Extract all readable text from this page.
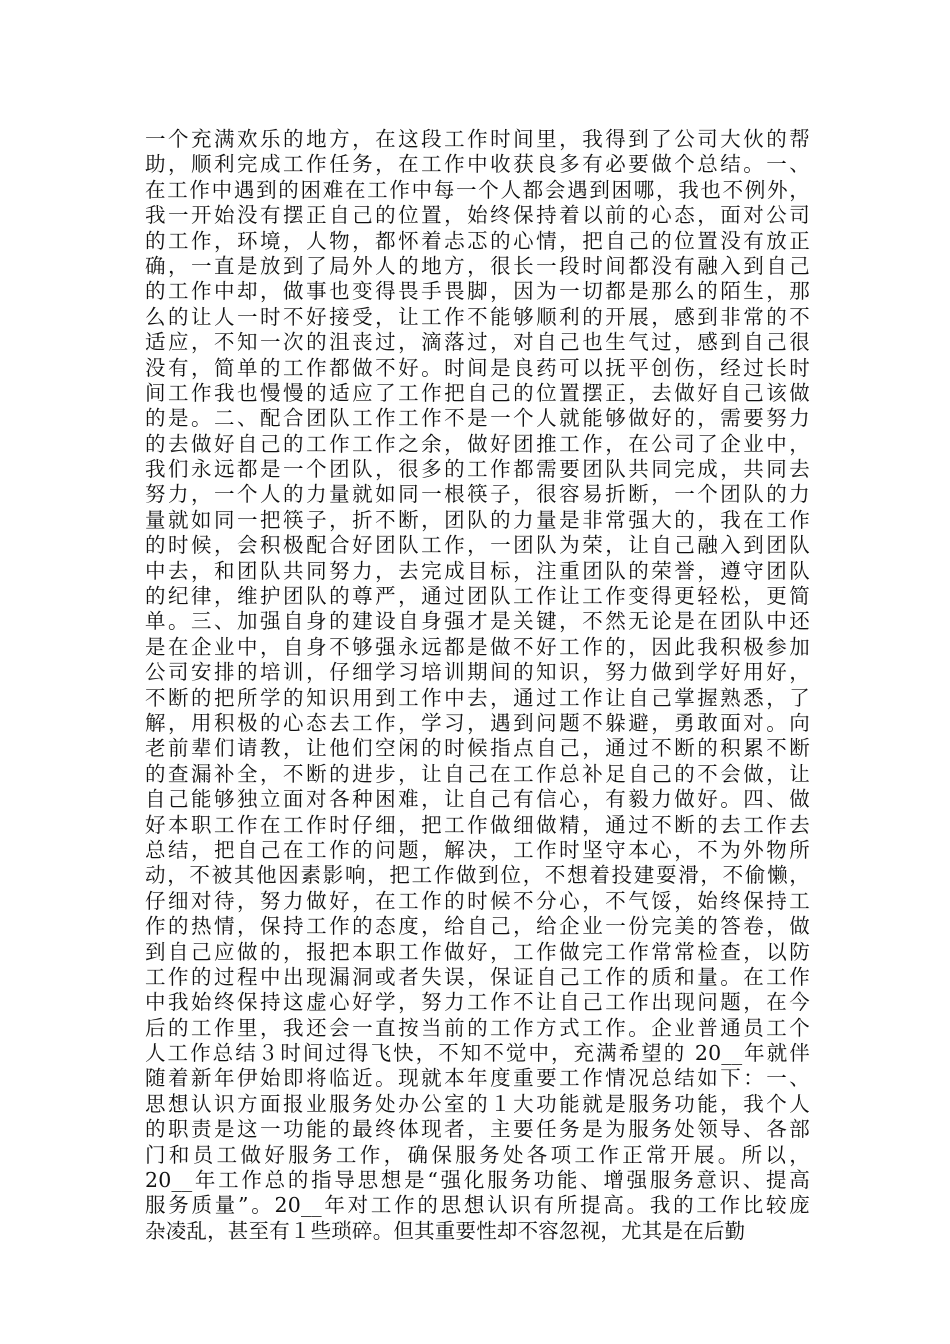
一个充满欢乐的地方，在这段工作时间里，我得到了公司大伙的帮
助，顺利完成工作任务，在工作中收获良多有必要做个总结。一、
在工作中遇到的困难在工作中每一个人都会遇到困哪，我也不例外，
我一开始没有摆正自己的位置，始终保持着以前的心态，面对公司
的工作，环境，人物，都怀着忐忑的心情，把自己的位置没有放正
确，一直是放到了局外人的地方，很长一段时间都没有融入到自己
的工作中却，做事也变得畏手畏脚，因为一切都是那么的陌生，那
么的让人一时不好接受，让工作不能够顺利的开展，感到非常的不
适应，不知一次的沮丧过，滴落过，对自己也生气过，感到自己很
没有，简单的工作都做不好。时间是良药可以抚平创伤，经过长时
间工作我也慢慢的适应了工作把自己的位置摆正，去做好自己该做
的是。二、配合团队工作工作不是一个人就能够做好的，需要努力
的去做好自己的工作工作之余，做好团推工作，在公司了企业中，
我们永远都是一个团队，很多的工作都需要团队共同完成，共同去
努力，一个人的力量就如同一根筷子，很容易折断，一个团队的力
量就如同一把筷子，折不断，团队的力量是非常强大的，我在工作
的时候，会积极配合好团队工作，一团队为荣，让自己融入到团队
中去，和团队共同努力，去完成目标，注重团队的荣誉，遵守团队
的纪律，维护团队的尊严，通过团队工作让工作变得更轻松，更简
单。三、加强自身的建设自身强才是关键，不然无论是在团队中还
是在企业中，自身不够强永远都是做不好工作的，因此我积极参加
公司安排的培训，仔细学习培训期间的知识，努力做到学好用好，
不断的把所学的知识用到工作中去，通过工作让自己掌握熟悉，了
解，用积极的心态去工作，学习，遇到问题不躲避，勇敢面对。向
老前辈们请教，让他们空闲的时候指点自己，通过不断的积累不断
的查漏补全，不断的进步，让自己在工作总补足自己的不会做，让
自己能够独立面对各种困难，让自己有信心，有毅力做好。四、做
好本职工作在工作时仔细，把工作做细做精，通过不断的去工作去
总结，把自己在工作的问题，解决，工作时坚守本心，不为外物所
动，不被其他因素影响，把工作做到位，不想着投建耍滑，不偷懒，
仔细对待，努力做好，在工作的时候不分心，不气馁，始终保持工
作的热情，保持工作的态度，给自己，给企业一份完美的答卷，做
到自己应做的，报把本职工作做好，工作做完工作常常检查，以防
工作的过程中出现漏洞或者失误，保证自己工作的质和量。在工作
中我始终保持这虚心好学，努力工作不让自己工作出现问题，在今
后的工作里，我还会一直按当前的工作方式工作。企业普通员工个
人工作总结３时间过得飞快，不知不觉中，充满希望的 20__年就伴
随着新年伊始即将临近。现就本年度重要工作情况总结如下：一、
思想认识方面报业服务处办公室的１大功能就是服务功能，我个人
的职责是这一功能的最终体现者，主要任务是为服务处领导、各部
门和员工做好服务工作，确保服务处各项工作正常开展。所以，
20__年工作总的指导思想是“强化服务功能、增强服务意识、提高
服务质量”。20__年对工作的思想认识有所提高。我的工作比较庞
杂凌乱，甚至有１些琐碎。但其重要性却不容忽视，尤其是在后勤
